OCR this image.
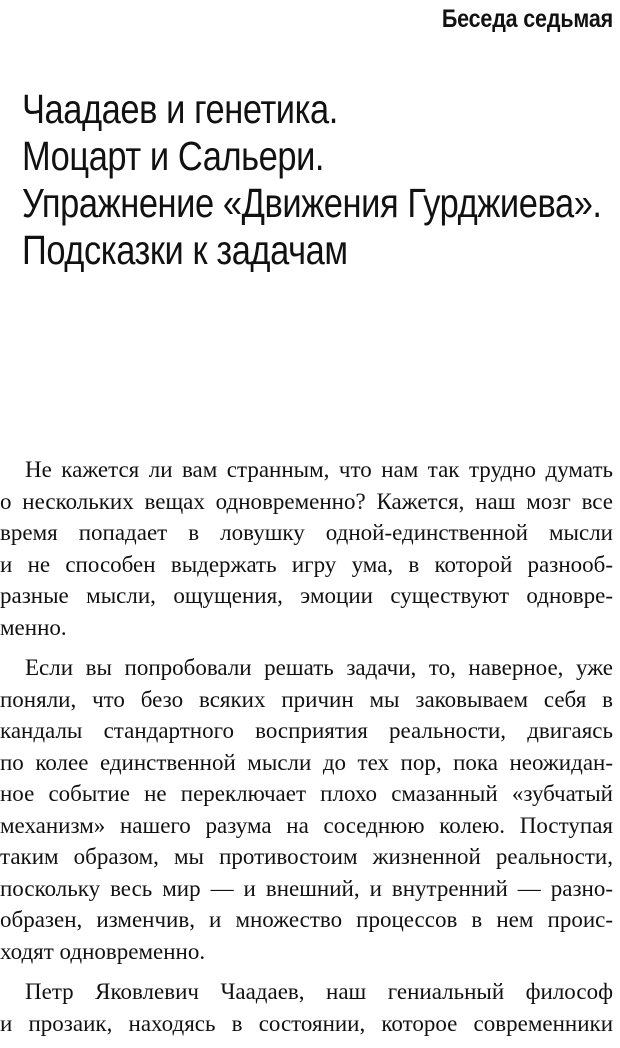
Беседа седьмая
Чаадаев и генетика.
Моцарт и Сальери.
Упражнение «Движения Гурджиева».
Подсказки к задачам
Не кажется ли вам странным, что нам так трудно думать
о нескольких вещах одновременно? Кажется, наш мозг все
время попадает в ловушку одной-единственной мысли
и не способен выдержать игру ума, в которой разнооб-
разные мысли, ощущения, эмоции существуют одновре-
менно.
Если вы попробовали решать задачи, то, наверное, уже
поняли, что безо всяких причин мы заковываем себя в
кандалы стандартного восприятия реальности, двигаясь
по колее единственной мысли до тех пор, пока неожидан-
ное событие не переключает плохо смазанный «зубчатый
механизм» нашего разума на соседнюю колею. Поступая
таким образом, мы противостоим жизненной реальности,
поскольку весь мир — и внешний, и внутренний — разно-
образен, изменчив, и множество процессов в нем проис-
ходят одновременно.
Петр Яковлевич Чаадаев, наш гениальный философ
и прозаик, находясь в состоянии, которое современники
